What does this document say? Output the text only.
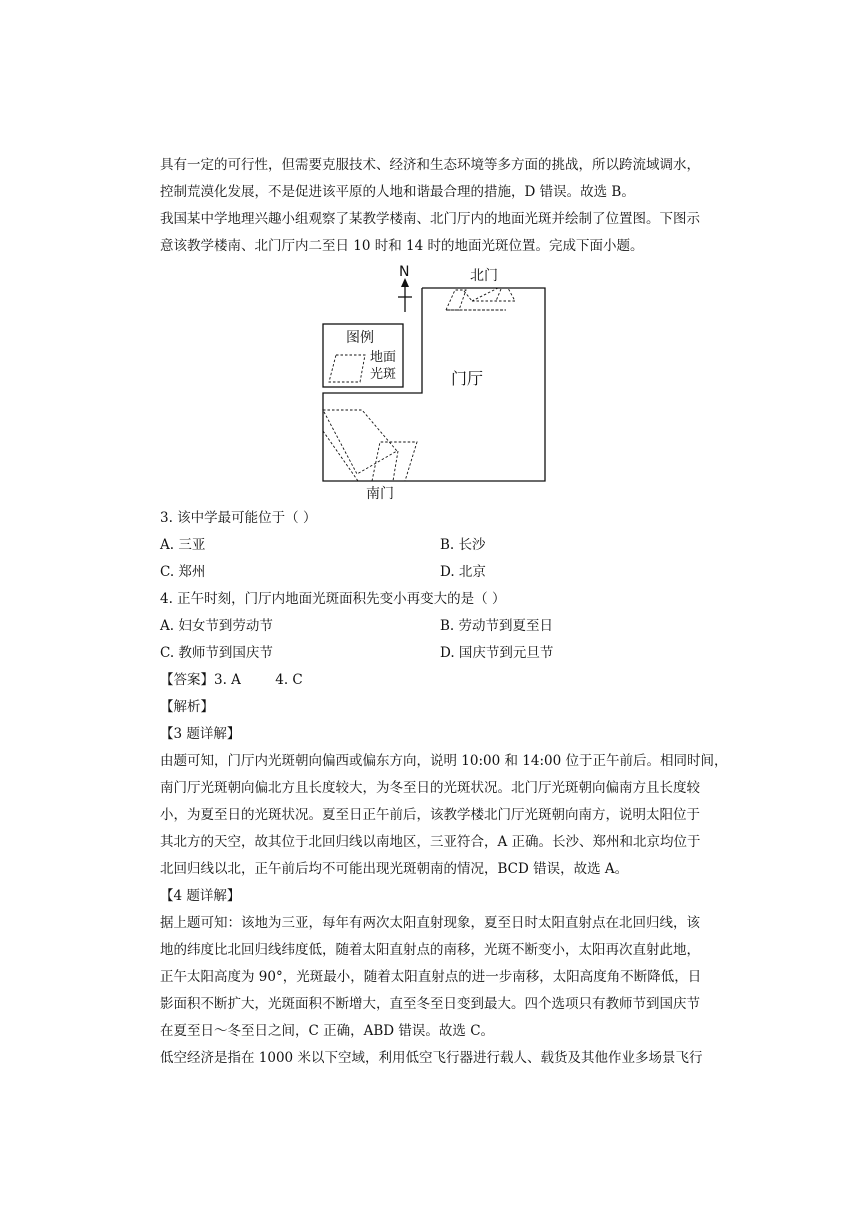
具有一定的可行性，但需要克服技术、经济和生态环境等多方面的挑战，所以跨流域调水，
控制荒漠化发展，不是促进该平原的人地和谐最合理的措施，D 错误。故选 B。
我国某中学地理兴趣小组观察了某教学楼南、北门厅内的地面光斑并绘制了位置图。下图示
意该教学楼南、北门厅内二至日 10 时和 14 时的地面光斑位置。完成下面小题。
N	北门
图例
地面
光斑	门厅
南门
3. 该中学最可能位于（ ）
A. 三亚	B. 长沙
C. 郑州	D. 北京
4. 正午时刻，门厅内地面光斑面积先变小再变大的是（ ）
A. 妇女节到劳动节	B. 劳动节到夏至日
C. 教师节到国庆节	D. 国庆节到元旦节
【答案】3. A        4. C
【解析】
【3 题详解】
由题可知，门厅内光斑朝向偏西或偏东方向，说明 10:00 和 14:00 位于正午前后。相同时间，
南门厅光斑朝向偏北方且长度较大，为冬至日的光斑状况。北门厅光斑朝向偏南方且长度较
小，为夏至日的光斑状况。夏至日正午前后，该教学楼北门厅光斑朝向南方，说明太阳位于
其北方的天空，故其位于北回归线以南地区，三亚符合，A 正确。长沙、郑州和北京均位于
北回归线以北，正午前后均不可能出现光斑朝南的情况，BCD 错误，故选 A。
【4 题详解】
据上题可知：该地为三亚，每年有两次太阳直射现象，夏至日时太阳直射点在北回归线，该
地的纬度比北回归线纬度低，随着太阳直射点的南移，光斑不断变小，太阳再次直射此地，
正午太阳高度为 90°，光斑最小，随着太阳直射点的进一步南移，太阳高度角不断降低，日
影面积不断扩大，光斑面积不断增大，直至冬至日变到最大。四个选项只有教师节到国庆节
在夏至日～冬至日之间，C 正确，ABD 错误。故选 C。
低空经济是指在 1000 米以下空域，利用低空飞行器进行载人、载货及其他作业多场景飞行
